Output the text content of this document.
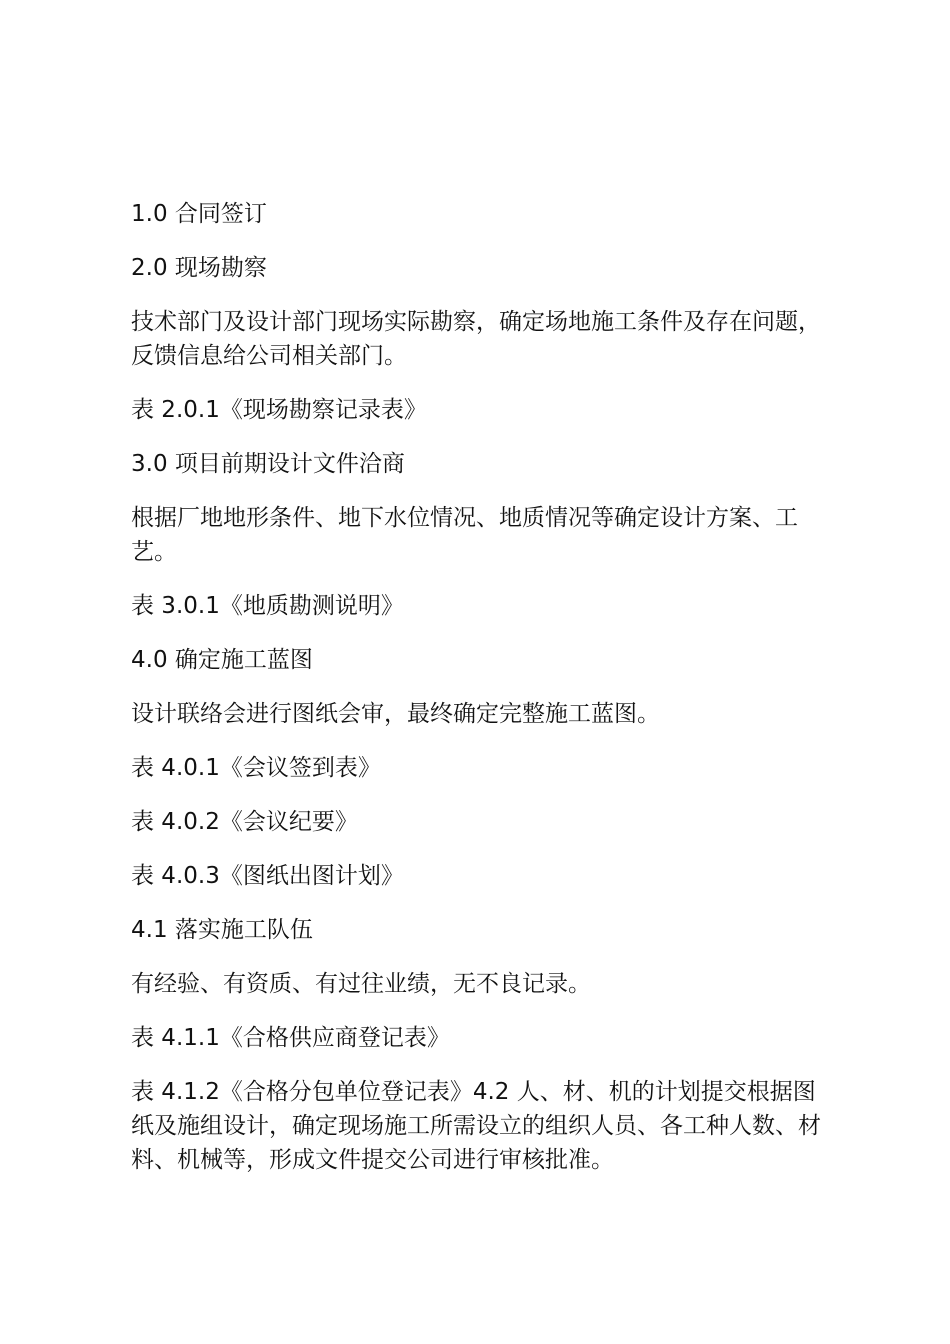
1.0 合同签订

2.0 现场勘察

技术部门及设计部门现场实际勘察，确定场地施工条件及存在问题，反馈信息给公司相关部门。

表 2.0.1《现场勘察记录表》

3.0 项目前期设计文件洽商

根据厂地地形条件、地下水位情况、地质情况等确定设计方案、工艺。

表 3.0.1《地质勘测说明》

4.0 确定施工蓝图

设计联络会进行图纸会审，最终确定完整施工蓝图。

表 4.0.1《会议签到表》

表 4.0.2《会议纪要》

表 4.0.3《图纸出图计划》

4.1 落实施工队伍

有经验、有资质、有过往业绩，无不良记录。

表 4.1.1《合格供应商登记表》

表 4.1.2《合格分包单位登记表》4.2 人、材、机的计划提交根据图纸及施组设计，确定现场施工所需设立的组织人员、各工种人数、材料、机械等，形成文件提交公司进行审核批准。
